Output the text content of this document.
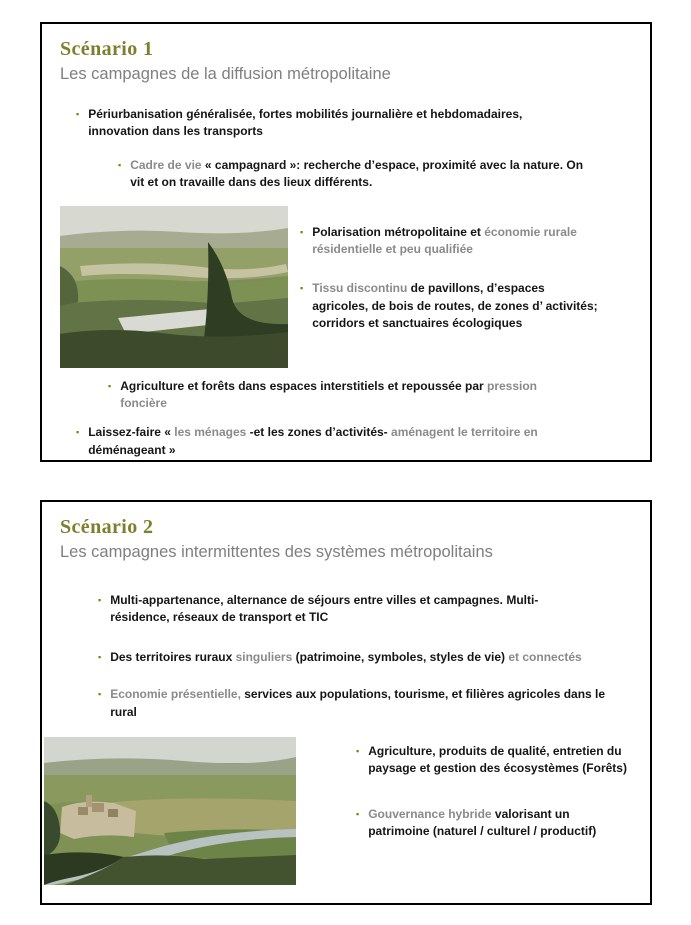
Scénario 1
Les campagnes de la diffusion métropolitaine
▪ Périurbanisation généralisée, fortes mobilités journalière et hebdomadaires, innovation dans les transports
▪ Cadre de vie « campagnard »: recherche d’espace, proximité avec la nature. On vit et on travaille dans des lieux différents.
▪ Polarisation métropolitaine et économie rurale résidentielle et peu qualifiée
▪ Tissu discontinu de pavillons, d’espaces agricoles, de bois de routes, de zones d’ activités; corridors et sanctuaires écologiques
▪ Agriculture et forêts dans espaces interstitiels et repoussée par pression foncière
▪ Laissez-faire « les ménages -et les zones d’activités- aménagent le territoire en déménageant »
Scénario 2
Les campagnes intermittentes des systèmes métropolitains
▪ Multi-appartenance, alternance de séjours entre villes et campagnes. Multi-résidence, réseaux de transport et TIC
▪ Des territoires ruraux singuliers (patrimoine, symboles, styles de vie) et connectés
▪ Economie présentielle, services aux populations, tourisme, et filières agricoles dans le rural
▪ Agriculture, produits de qualité, entretien du paysage et gestion des écosystèmes (Forêts)
▪ Gouvernance hybride valorisant un patrimoine (naturel / culturel / productif)
